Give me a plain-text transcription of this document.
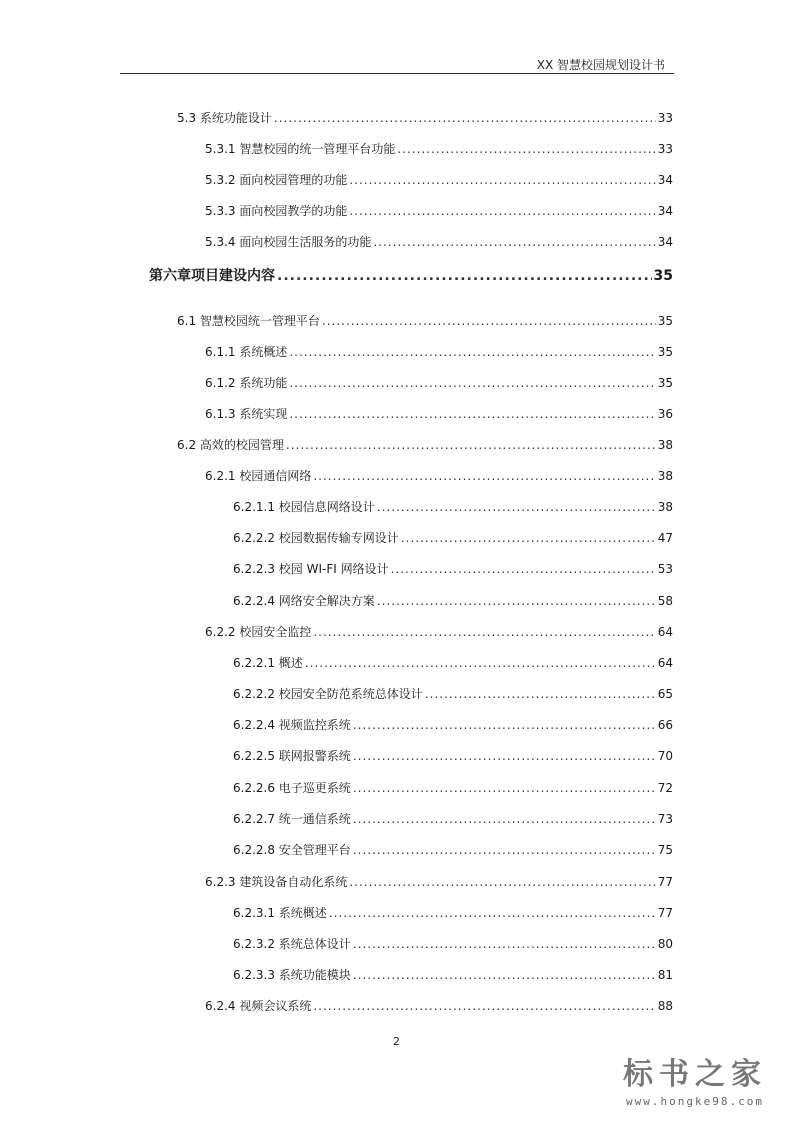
XX 智慧校园规划设计书
5.3 系统功能设计 .....	33
5.3.1 智慧校园的统一管理平台功能 .....	33
5.3.2 面向校园管理的功能 .....	34
5.3.3 面向校园教学的功能 .....	34
5.3.4 面向校园生活服务的功能 .....	34
第六章项目建设内容 .....	35
6.1 智慧校园统一管理平台 .....	35
6.1.1 系统概述 .....	35
6.1.2 系统功能 .....	35
6.1.3 系统实现 .....	36
6.2 高效的校园管理 .....	38
6.2.1 校园通信网络 .....	38
6.2.1.1 校园信息网络设计 .....	38
6.2.2.2 校园数据传输专网设计 .....	47
6.2.2.3 校园 WI-FI 网络设计 .....	53
6.2.2.4 网络安全解决方案 .....	58
6.2.2 校园安全监控 .....	64
6.2.2.1 概述 .....	64
6.2.2.2 校园安全防范系统总体设计 .....	65
6.2.2.4 视频监控系统 .....	66
6.2.2.5 联网报警系统 .....	70
6.2.2.6 电子巡更系统 .....	72
6.2.2.7 统一通信系统 .....	73
6.2.2.8 安全管理平台 .....	75
6.2.3 建筑设备自动化系统 .....	77
6.2.3.1 系统概述 .....	77
6.2.3.2 系统总体设计 .....	80
6.2.3.3 系统功能模块 .....	81
6.2.4 视频会议系统 .....	88
2
标书之家
www.hongke98.com
